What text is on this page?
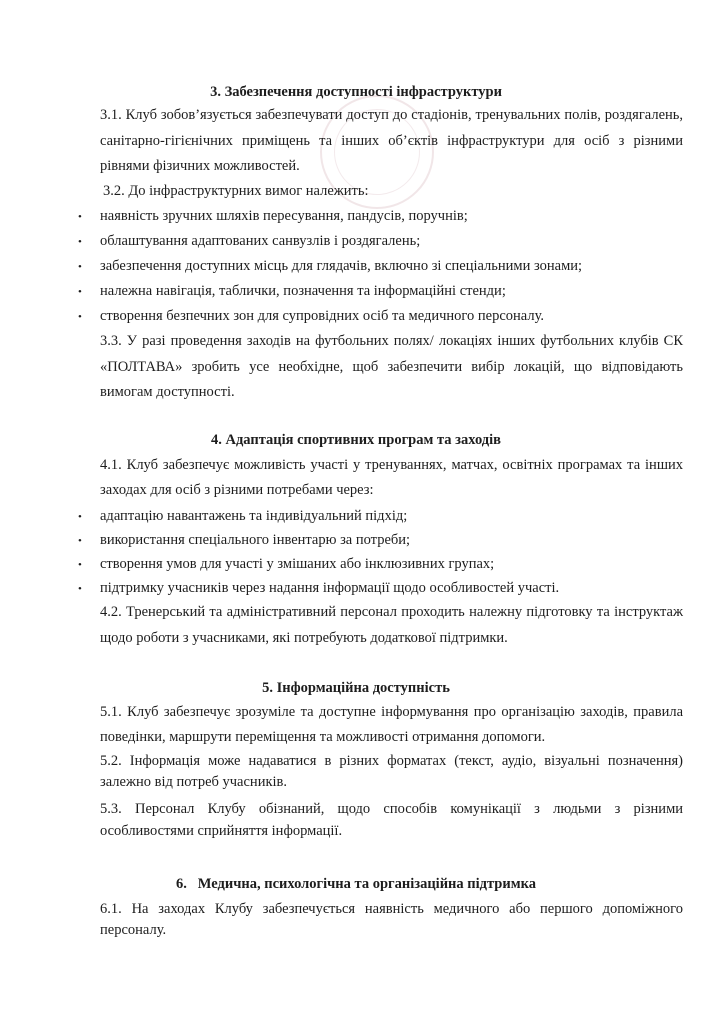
3. Забезпечення доступності інфраструктури
3.1. Клуб зобов’язується забезпечувати доступ до стадіонів, тренувальних полів, роздягалень,
санітарно-гігієнічних приміщень та інших об’єктів інфраструктури для осіб з різними
рівнями фізичних можливостей.
3.2. До інфраструктурних вимог належить:
• наявність зручних шляхів пересування, пандусів, поручнів;
• облаштування адаптованих санвузлів і роздягалень;
• забезпечення доступних місць для глядачів, включно зі спеціальними зонами;
• належна навігація, таблички, позначення та інформаційні стенди;
• створення безпечних зон для супровідних осіб та медичного персоналу.
3.3. У разі проведення заходів на футбольних полях/ локаціях інших футбольних клубів СК
«ПОЛТАВА» зробить усе необхідне, щоб забезпечити вибір локацій, що відповідають
вимогам доступності.
4. Адаптація спортивних програм та заходів
4.1. Клуб забезпечує можливість участі у тренуваннях, матчах, освітніх програмах та інших
заходах для осіб з різними потребами через:
• адаптацію навантажень та індивідуальний підхід;
• використання спеціального інвентарю за потреби;
• створення умов для участі у змішаних або інклюзивних групах;
• підтримку учасників через надання інформації щодо особливостей участі.
4.2. Тренерський та адміністративний персонал проходить належну підготовку та інструктаж
щодо роботи з учасниками, які потребують додаткової підтримки.
5. Інформаційна доступність
5.1. Клуб забезпечує зрозуміле та доступне інформування про організацію заходів, правила
поведінки, маршрути переміщення та можливості отримання допомоги.
5.2. Інформація може надаватися в різних форматах (текст, аудіо, візуальні позначення)
залежно від потреб учасників.
5.3. Персонал Клубу обізнаний, щодо способів комунікації з людьми з різними
особливостями сприйняття інформації.
6.   Медична, психологічна та організаційна підтримка
6.1. На заходах Клубу забезпечується наявність медичного або першого допоміжного
персоналу.
